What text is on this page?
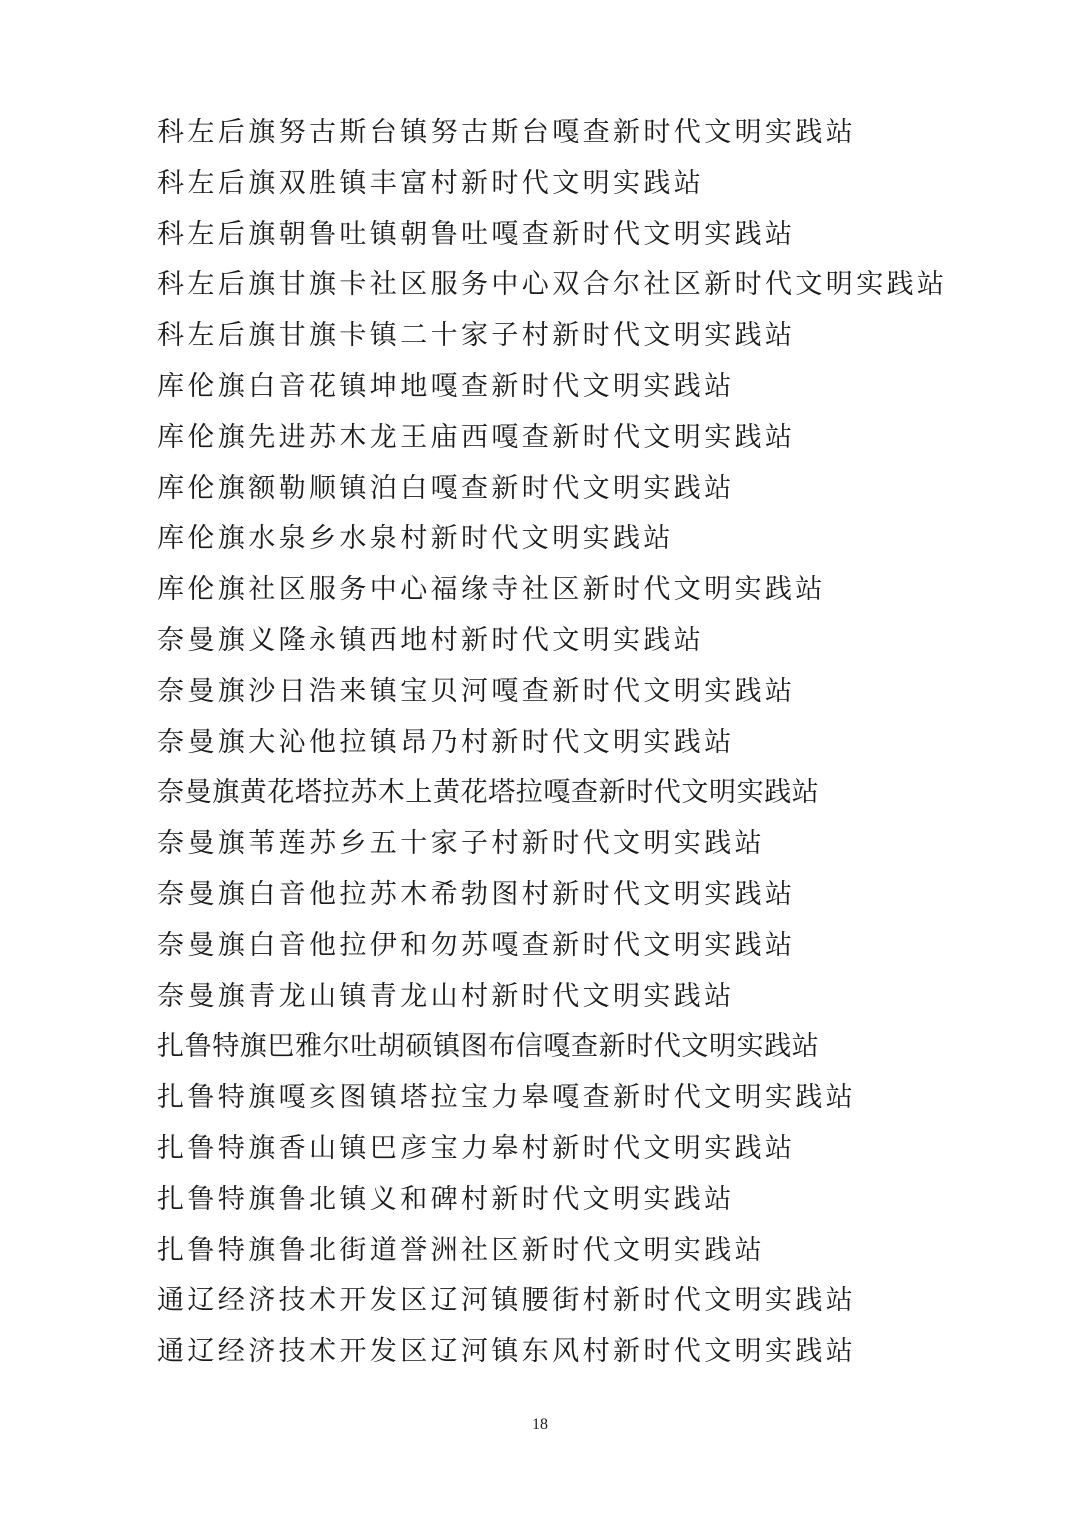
科左后旗努古斯台镇努古斯台嘎查新时代文明实践站
科左后旗双胜镇丰富村新时代文明实践站
科左后旗朝鲁吐镇朝鲁吐嘎查新时代文明实践站
科左后旗甘旗卡社区服务中心双合尔社区新时代文明实践站
科左后旗甘旗卡镇二十家子村新时代文明实践站
库伦旗白音花镇坤地嘎查新时代文明实践站
库伦旗先进苏木龙王庙西嘎查新时代文明实践站
库伦旗额勒顺镇泊白嘎查新时代文明实践站
库伦旗水泉乡水泉村新时代文明实践站
库伦旗社区服务中心福缘寺社区新时代文明实践站
奈曼旗义隆永镇西地村新时代文明实践站
奈曼旗沙日浩来镇宝贝河嘎查新时代文明实践站
奈曼旗大沁他拉镇昂乃村新时代文明实践站
奈曼旗黄花塔拉苏木上黄花塔拉嘎查新时代文明实践站
奈曼旗苇莲苏乡五十家子村新时代文明实践站
奈曼旗白音他拉苏木希勃图村新时代文明实践站
奈曼旗白音他拉伊和勿苏嘎查新时代文明实践站
奈曼旗青龙山镇青龙山村新时代文明实践站
扎鲁特旗巴雅尔吐胡硕镇图布信嘎查新时代文明实践站
扎鲁特旗嘎亥图镇塔拉宝力皋嘎查新时代文明实践站
扎鲁特旗香山镇巴彦宝力皋村新时代文明实践站
扎鲁特旗鲁北镇义和碑村新时代文明实践站
扎鲁特旗鲁北街道誉洲社区新时代文明实践站
通辽经济技术开发区辽河镇腰街村新时代文明实践站
通辽经济技术开发区辽河镇东风村新时代文明实践站
18
